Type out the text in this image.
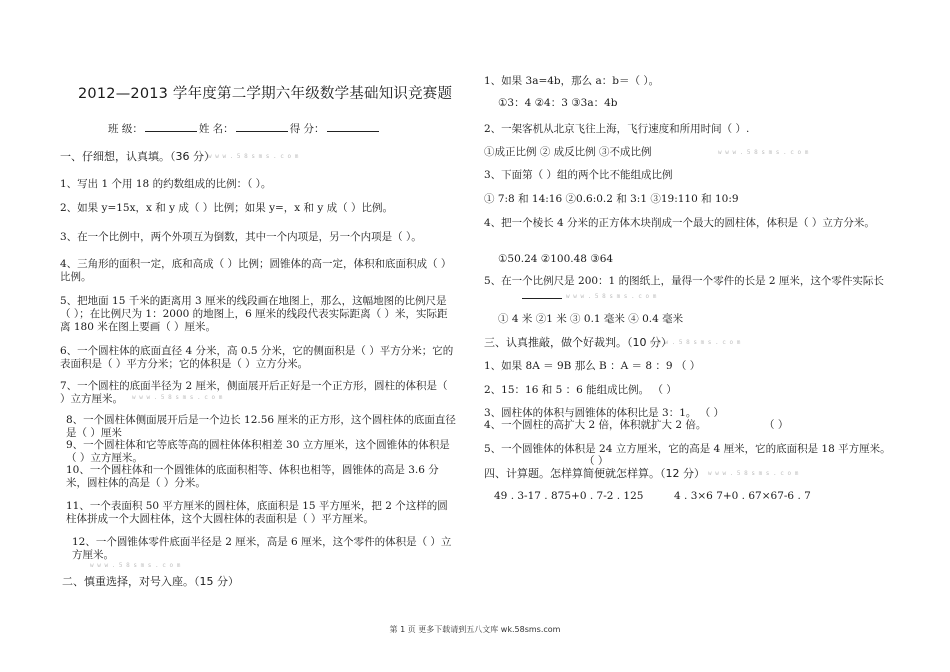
2012—2013 学年度第二学期六年级数学基础知识竞赛题
班 级：	姓 名：	得 分：
一、仔细想，认真填。（36 分）
w w w . 5 8 s m s . c o m
1、写出 1 个用 18 的约数组成的比例：（ ）。
2、如果 y=15x，x 和 y 成（ ）比例；如果 y=，x 和 y 成（ ）比例。
3、在一个比例中，两个外项互为倒数，其中一个内项是，另一个内项是（ ）。
4、三角形的面积一定，底和高成（ ）比例；圆锥体的高一定，体积和底面积成（ ）比例。
5、把地面 15 千米的距离用 3 厘米的线段画在地图上，那么，这幅地图的比例尺是（ ）；在比例尺为 1：2000 的地图上，6 厘米的线段代表实际距离（ ）米，实际距离 180 米在图上要画（ ）厘米。
6、一个圆柱体的底面直径 4 分米，高 0.5 分米，它的侧面积是（ ）平方分米；它的表面积是（ ）平方分米；它的体积是（ ）立方分米。
7、一个圆柱的底面半径为 2 厘米，侧面展开后正好是一个正方形，圆柱的体积是（ ）立方厘米。	w w w . 5 8 s m s . c o m
8、一个圆柱体侧面展开后是一个边长 12.56 厘米的正方形，这个圆柱体的底面直径是（ ）厘米
9、一个圆柱体和它等底等高的圆柱体体积相差 30 立方厘米，这个圆锥体的体积是（ ）立方厘米。
10、一个圆柱体和一个圆锥体的底面积相等、体积也相等，圆锥体的高是 3.6 分米，圆柱体的高是（ ）分米。
11、一个表面积 50 平方厘米的圆柱体，底面积是 15 平方厘米，把 2 个这样的圆柱体拼成一个大圆柱体，这个大圆柱体的表面积是（ ）平方厘米。
12、一个圆锥体零件底面半径是 2 厘米，高是 6 厘米，这个零件的体积是（ ）立方厘米。
w w w . 5 8 s m s . c o m
二、慎重选择，对号入座。（15 分）
1、如果 3a=4b，那么 a：b＝（ ）。
①3：4 ②4：3 ③3a：4b
2、一架客机从北京飞往上海，飞行速度和所用时间（ ）.
①成正比例 ② 成反比例 ③不成比例	w w w . 5 8 s m s . c o m
3、下面第（ ）组的两个比不能组成比例
① 7:8 和 14:16 ②0.6:0.2 和 3:1 ③19:110 和 10:9
4、把一个棱长 4 分米的正方体木块削成一个最大的圆柱体，体积是（ ）立方分米。
①50.24 ②100.48 ③64
5、在一个比例尺是 200：1 的图纸上，量得一个零件的长是 2 厘米，这个零件实际长
w w w . 5 8 s m s . c o m
① 4 米 ②1 米 ③ 0.1 毫米 ④ 0.4 毫米
三、认真推敲，做个好裁判。（10 分）
w w w . 5 8 s m s . c o m
1、如果 8A ＝ 9B 那么 B ：A ＝ 8 ：9 （ ）
2、15：16 和 5 ：6 能组成比例。 （ ）
3、圆柱体的体积与圆锥体的体积比是 3：1。 （ ）
4、一个圆柱的高扩大 2 倍，体积就扩大 2 倍。	（ ）
5、一个圆锥体的体积是 24 立方厘米，它的高是 4 厘米，它的底面积是 18 平方厘米。
（ ）
四、计算题。怎样算简便就怎样算。（12 分） w w w . 5 8 s m s . c o m
49 . 3-17 . 875+0 . 7-2 . 125	4 . 3×6 7+0 . 67×67-6 . 7
第 1 页 更多下载请到五八文库 wk.58sms.com
